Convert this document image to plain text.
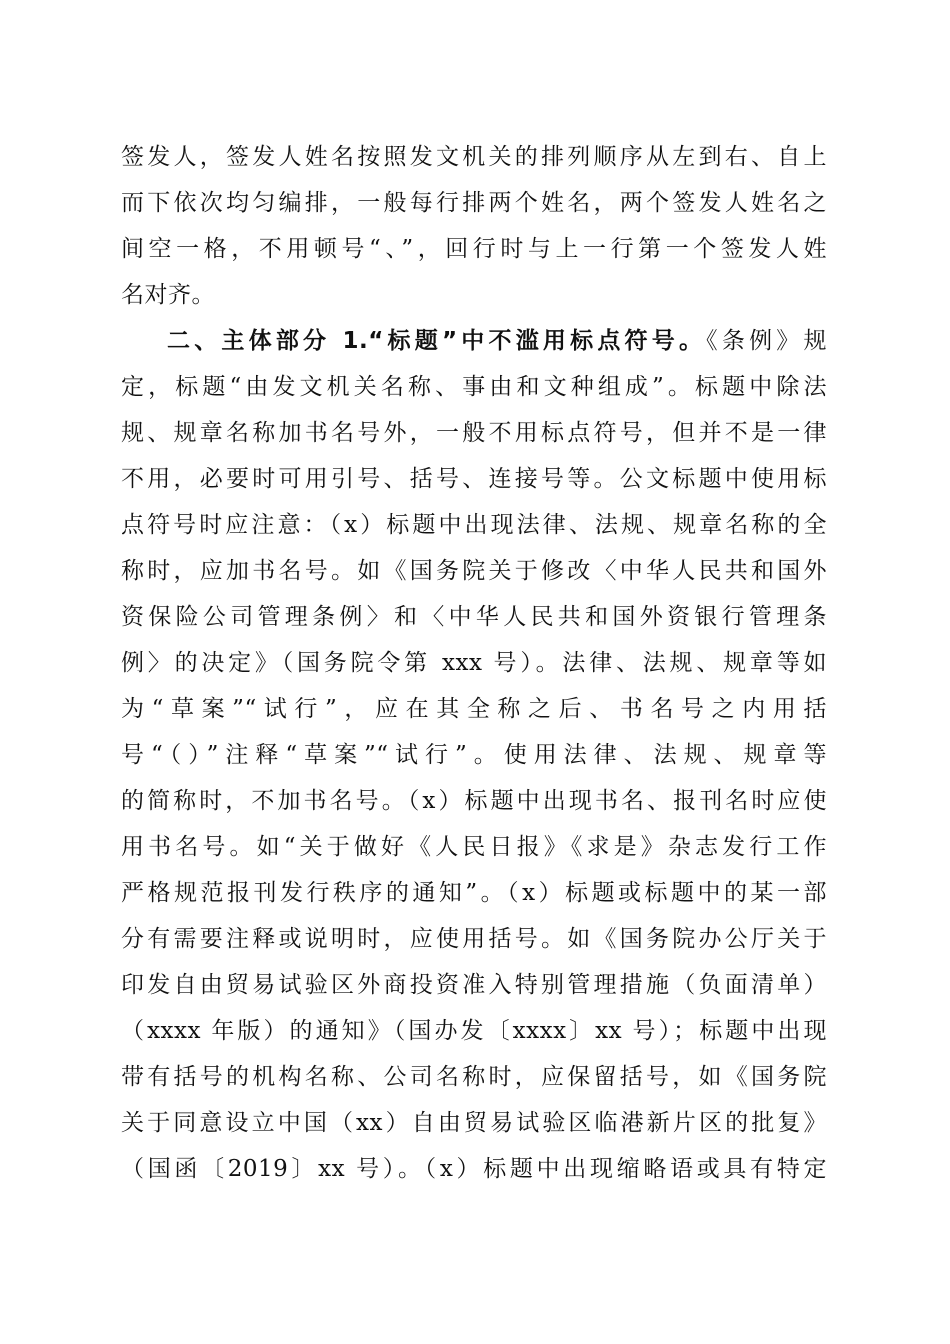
签发人，签发人姓名按照发文机关的排列顺序从左到右、自上
而下依次均匀编排，一般每行排两个姓名，两个签发人姓名之
间空一格，不用顿号“、”，回行时与上一行第一个签发人姓
名对齐。
二、主体部分 1.“标题”中不滥用标点符号。《条例》规
定，标题“由发文机关名称、事由和文种组成”。标题中除法
规、规章名称加书名号外，一般不用标点符号，但并不是一律
不用，必要时可用引号、括号、连接号等。公文标题中使用标
点符号时应注意：（x）标题中出现法律、法规、规章名称的全
称时，应加书名号。如《国务院关于修改〈中华人民共和国外
资保险公司管理条例〉和〈中华人民共和国外资银行管理条
例〉的决定》（国务院令第 xxx 号）。法律、法规、规章等如
为“草案”“试行”，应在其全称之后、书名号之内用括
号“（）”注释“草案”“试行”。使用法律、法规、规章等
的简称时，不加书名号。（x）标题中出现书名、报刊名时应使
用书名号。如“关于做好《人民日报》《求是》杂志发行工作
严格规范报刊发行秩序的通知”。（x）标题或标题中的某一部
分有需要注释或说明时，应使用括号。如《国务院办公厅关于
印发自由贸易试验区外商投资准入特别管理措施（负面清单）
（xxxx 年版）的通知》（国办发〔xxxx〕xx 号）；标题中出现
带有括号的机构名称、公司名称时，应保留括号，如《国务院
关于同意设立中国（xx）自由贸易试验区临港新片区的批复》
（国函〔2019〕xx 号）。（x）标题中出现缩略语或具有特定
